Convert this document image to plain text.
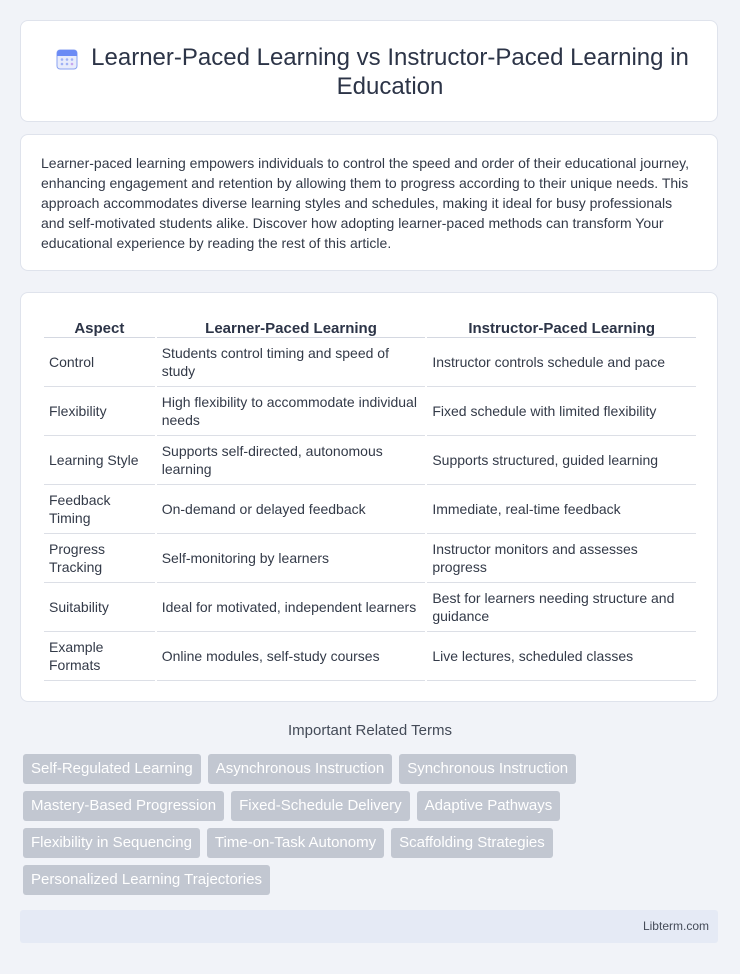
Learner-Paced Learning vs Instructor-Paced Learning in Education
Learner-paced learning empowers individuals to control the speed and order of their educational journey, enhancing engagement and retention by allowing them to progress according to their unique needs. This approach accommodates diverse learning styles and schedules, making it ideal for busy professionals and self-motivated students alike. Discover how adopting learner-paced methods can transform Your educational experience by reading the rest of this article.
Aspect	Learner-Paced Learning	Instructor-Paced Learning
Control	Students control timing and speed of study	Instructor controls schedule and pace
Flexibility	High flexibility to accommodate individual needs	Fixed schedule with limited flexibility
Learning Style	Supports self-directed, autonomous learning	Supports structured, guided learning
Feedback Timing	On-demand or delayed feedback	Immediate, real-time feedback
Progress Tracking	Self-monitoring by learners	Instructor monitors and assesses progress
Suitability	Ideal for motivated, independent learners	Best for learners needing structure and guidance
Example Formats	Online modules, self-study courses	Live lectures, scheduled classes
Important Related Terms
Self-Regulated Learning	Asynchronous Instruction	Synchronous Instruction
Mastery-Based Progression	Fixed-Schedule Delivery	Adaptive Pathways
Flexibility in Sequencing	Time-on-Task Autonomy	Scaffolding Strategies
Personalized Learning Trajectories
Libterm.com
